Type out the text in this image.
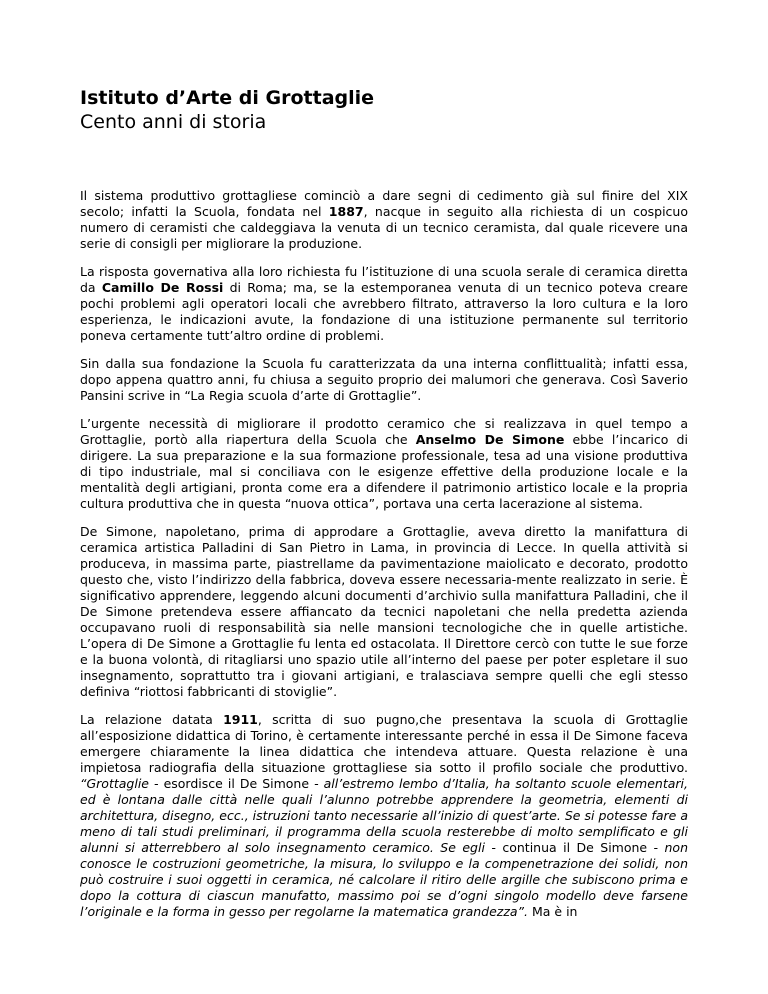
Istituto d’Arte di Grottaglie
Cento anni di storia

Il sistema produttivo grottagliese cominciò a dare segni di cedimento già sul finire del XIX secolo; infatti la Scuola, fondata nel 1887, nacque in seguito alla richiesta di un cospicuo numero di ceramisti che caldeggiava la venuta di un tecnico ceramista, dal quale ricevere una serie di consigli per migliorare la produzione.

La risposta governativa alla loro richiesta fu l’istituzione di una scuola serale di ceramica diretta da Camillo De Rossi di Roma; ma, se la estemporanea venuta di un tecnico poteva creare pochi problemi agli operatori locali che avrebbero filtrato, attraverso la loro cultura e la loro esperienza, le indicazioni avute, la fondazione di una istituzione permanente sul territorio poneva certamente tutt’altro ordine di problemi.

Sin dalla sua fondazione la Scuola fu caratterizzata da una interna conflittualità; infatti essa, dopo appena quattro anni, fu chiusa a seguito proprio dei malumori che generava. Così Saverio Pansini scrive in “La Regia scuola d’arte di Grottaglie”.

L’urgente necessità di migliorare il prodotto ceramico che si realizzava in quel tempo a Grottaglie, portò alla riapertura della Scuola che Anselmo De Simone ebbe l’incarico di dirigere. La sua preparazione e la sua formazione professionale, tesa ad una visione produttiva di tipo industriale, mal si conciliava con le esigenze effettive della produzione locale e la mentalità degli artigiani, pronta come era a difendere il patrimonio artistico locale e la propria cultura produttiva che in questa “nuova ottica”, portava una certa lacerazione al sistema.

De Simone, napoletano, prima di approdare a Grottaglie, aveva diretto la manifattura di ceramica artistica Palladini di San Pietro in Lama, in provincia di Lecce. In quella attività si produceva, in massima parte, piastrellame da pavimentazione maiolicato e decorato, prodotto questo che, visto l’indirizzo della fabbrica, doveva essere necessaria-mente realizzato in serie. È significativo apprendere, leggendo alcuni documenti d’archivio sulla manifattura Palladini, che il De Simone pretendeva essere affiancato da tecnici napoletani che nella predetta azienda occupavano ruoli di responsabilità sia nelle mansioni tecnologiche che in quelle artistiche. L’opera di De Simone a Grottaglie fu lenta ed ostacolata. Il Direttore cercò con tutte le sue forze e la buona volontà, di ritagliarsi uno spazio utile all’interno del paese per poter espletare il suo insegnamento, soprattutto tra i giovani artigiani, e tralasciava sempre quelli che egli stesso definiva “riottosi fabbricanti di stoviglie”.

La relazione datata 1911, scritta di suo pugno,che presentava la scuola di Grottaglie all’esposizione didattica di Torino, è certamente interessante perché in essa il De Simone faceva emergere chiaramente la linea didattica che intendeva attuare. Questa relazione è una impietosa radiografia della situazione grottagliese sia sotto il profilo sociale che produttivo. “Grottaglie - esordisce il De Simone - all’estremo lembo d’Italia, ha soltanto scuole elementari, ed è lontana dalle città nelle quali l’alunno potrebbe apprendere la geometria, elementi di architettura, disegno, ecc., istruzioni tanto necessarie all’inizio di quest’arte. Se si potesse fare a meno di tali studi preliminari, il programma della scuola resterebbe di molto semplificato e gli alunni si atterrebbero al solo insegnamento ceramico. Se egli - continua il De Simone - non conosce le costruzioni geometriche, la misura, lo sviluppo e la compenetrazione dei solidi, non può costruire i suoi oggetti in ceramica, né calcolare il ritiro delle argille che subiscono prima e dopo la cottura di ciascun manufatto, massimo poi se d’ogni singolo modello deve farsene l’originale e la forma in gesso per regolarne la matematica grandezza”. Ma è in
